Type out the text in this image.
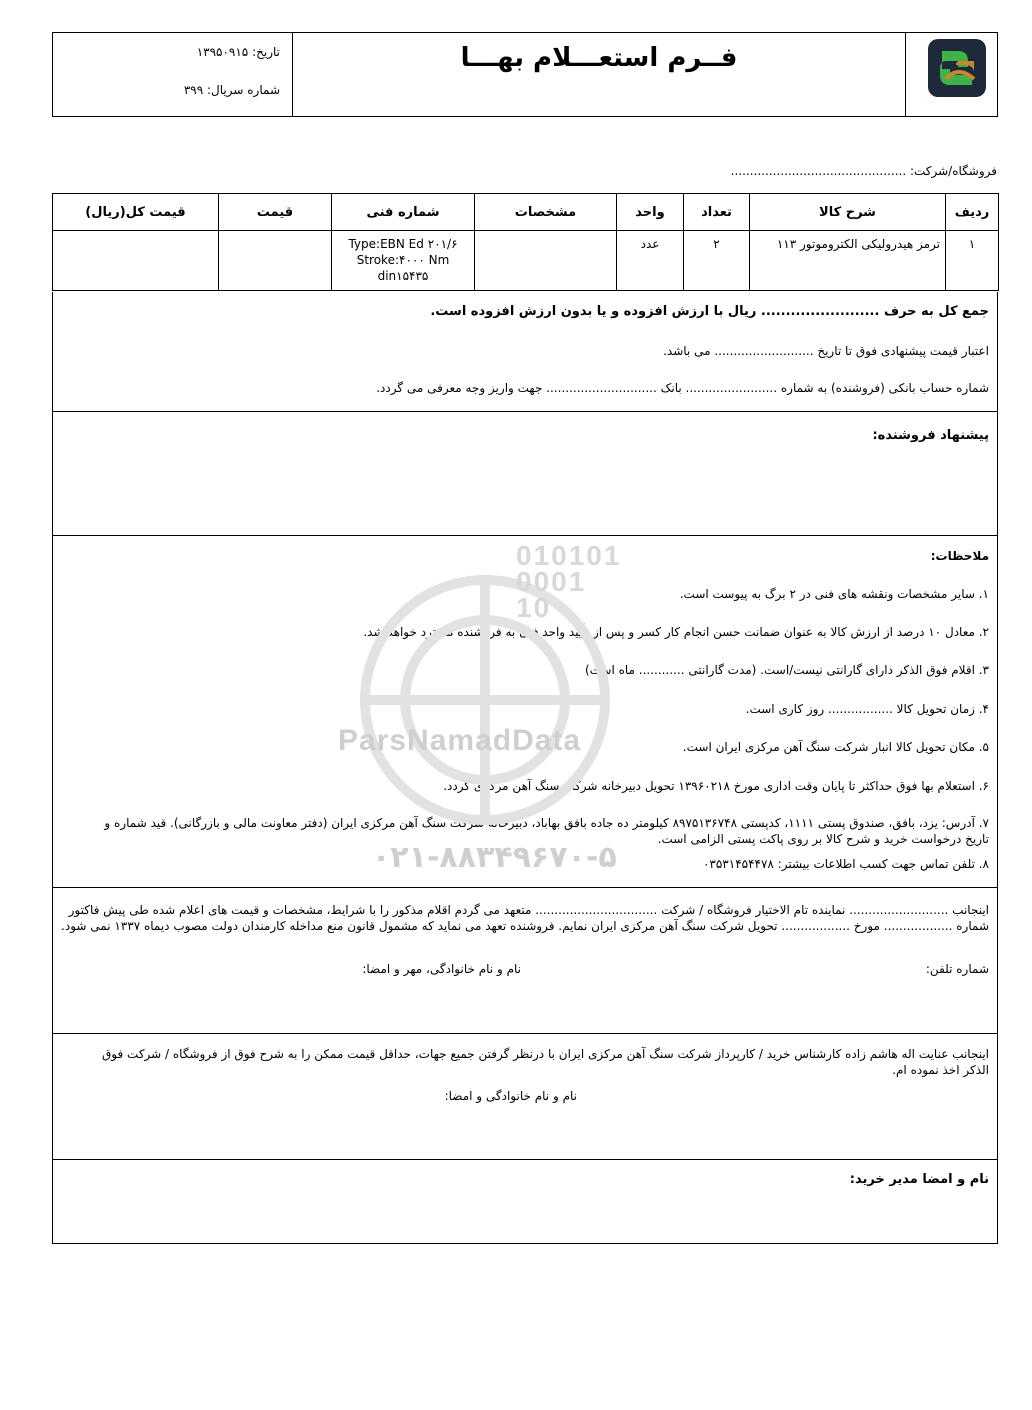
فــرم استعـــلام بهـــا
تاریخ: ۱۳۹۵۰۹۱۵
شماره سریال: ۳۹۹
فروشگاه/شرکت: ..............................................
ردیف	شرح کالا	تعداد	واحد	مشخصات	شماره فنی	قیمت	قیمت کل(ریال)
۱	ترمز هیدرولیکی الکتروموتور ۱۱۳	۲	عدد		Type:EBN Ed ۲۰۱/۶
Stroke:۴۰۰۰ Nm
din۱۵۴۳۵		

جمع کل به حرف ........................ ریال با ارزش افزوده و یا بدون ارزش افزوده است.
اعتبار قیمت پیشنهادی فوق تا تاریخ .......................... می باشد.
شماره حساب بانکی (فروشنده) به شماره ........................ بانک ............................. جهت واریز وجه معرفی می گردد.
پیشنهاد فروشنده:
ملاحظات:
۱. سایر مشخصات ونقشه های فنی در ۲ برگ به پیوست است.
۲. معادل ۱۰ درصد از ارزش کالا به عنوان ضمانت حسن انجام کار کسر و پس از تأیید واحد فنی به فروشنده مسترد خواهد شد.
۳. اقلام فوق الذکر دارای گارانتی نیست/است. (مدت گارانتی ............ ماه است)
۴. زمان تحویل کالا ................. روز کاری است.
۵. مکان تحویل کالا انبار شرکت سنگ آهن مرکزی ایران است.
۶. استعلام بها فوق حداکثر تا پایان وقت اداری مورخ ۱۳۹۶۰۲۱۸ تحویل دبیرخانه شرکت سنگ آهن مرکزی گردد.
۷. آدرس: یزد، بافق، صندوق پستی ۱۱۱۱، کدپستی ۸۹۷۵۱۳۶۷۴۸ کیلومتر ده جاده بافق بهاباد، دبیرخانه شرکت سنگ آهن مرکزی ایران (دفتر معاونت مالی و بازرگانی). قید شماره و تاریخ درخواست خرید و شرح کالا بر روی پاکت پستی الزامی است.
۸. تلفن تماس جهت کسب اطلاعات بیشتر: ۰۳۵۳۱۴۵۴۴۷۸
010101
0001
10
ParsNamadData
۰۲۱-۸۸۳۴۹۶۷۰-۵
اینجانب .......................... نماینده تام الاختیار فروشگاه / شرکت ................................ متعهد می گردم اقلام مذکور را با شرایط، مشخصات و قیمت های اعلام شده طی پیش فاکتور شماره .................. مورخ .................. تحویل شرکت سنگ آهن مرکزی ایران نمایم. فروشنده تعهد می نماید که مشمول قانون منع مداخله کارمندان دولت مصوب دیماه ۱۳۳۷ نمی شود.
شماره تلفن:
نام و نام خانوادگی، مهر و امضا:
اینجانب عنایت اله هاشم زاده کارشناس خرید / کارپرداز شرکت سنگ آهن مرکزی ایران با درنظر گرفتن جمیع جهات، حداقل قیمت ممکن را به شرح فوق از فروشگاه / شرکت فوق الذکر اخذ نموده ام.
نام و نام خانوادگی و امضا:
نام و امضا مدیر خرید:
